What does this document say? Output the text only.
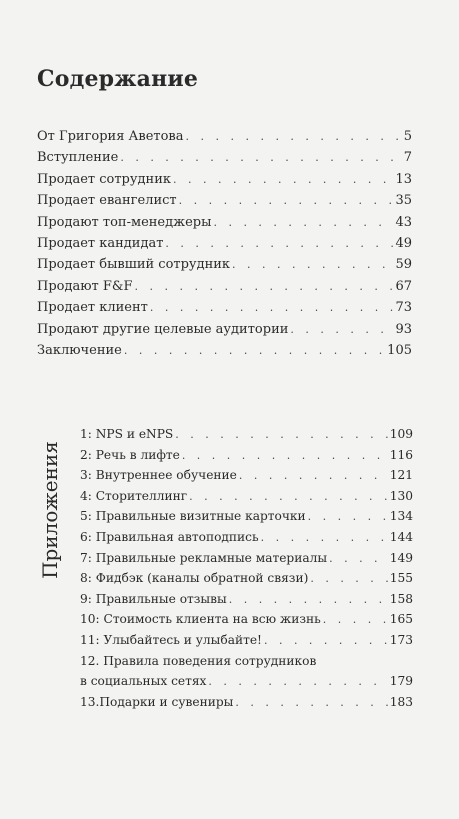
Содержание
От Григория Аветова . . .	5
Вступление . . .	7
Продает сотрудник . . .	13
Продает евангелист . . .	35
Продают топ-менеджеры . . .	43
Продает кандидат . . .	49
Продает бывший сотрудник . . .	59
Продают F&F . . .	67
Продает клиент . . .	73
Продают другие целевые аудитории . . .	93
Заключение . . .	105
Приложения
1: NPS и eNPS . . .	109
2: Речь в лифте . . .	116
3: Внутреннее обучение . . .	121
4: Сторителлинг . . .	130
5: Правильные визитные карточки . . .	134
6: Правильная автоподпись . . .	144
7: Правильные рекламные материалы . . .	149
8: Фидбэк (каналы обратной связи) . . .	155
9: Правильные отзывы . . .	158
10: Стоимость клиента на всю жизнь . . .	165
11: Улыбайтесь и улыбайте! . . .	173
12. Правила поведения сотрудников
в социальных сетях . . .	179
13.Подарки и сувениры . . .	183
